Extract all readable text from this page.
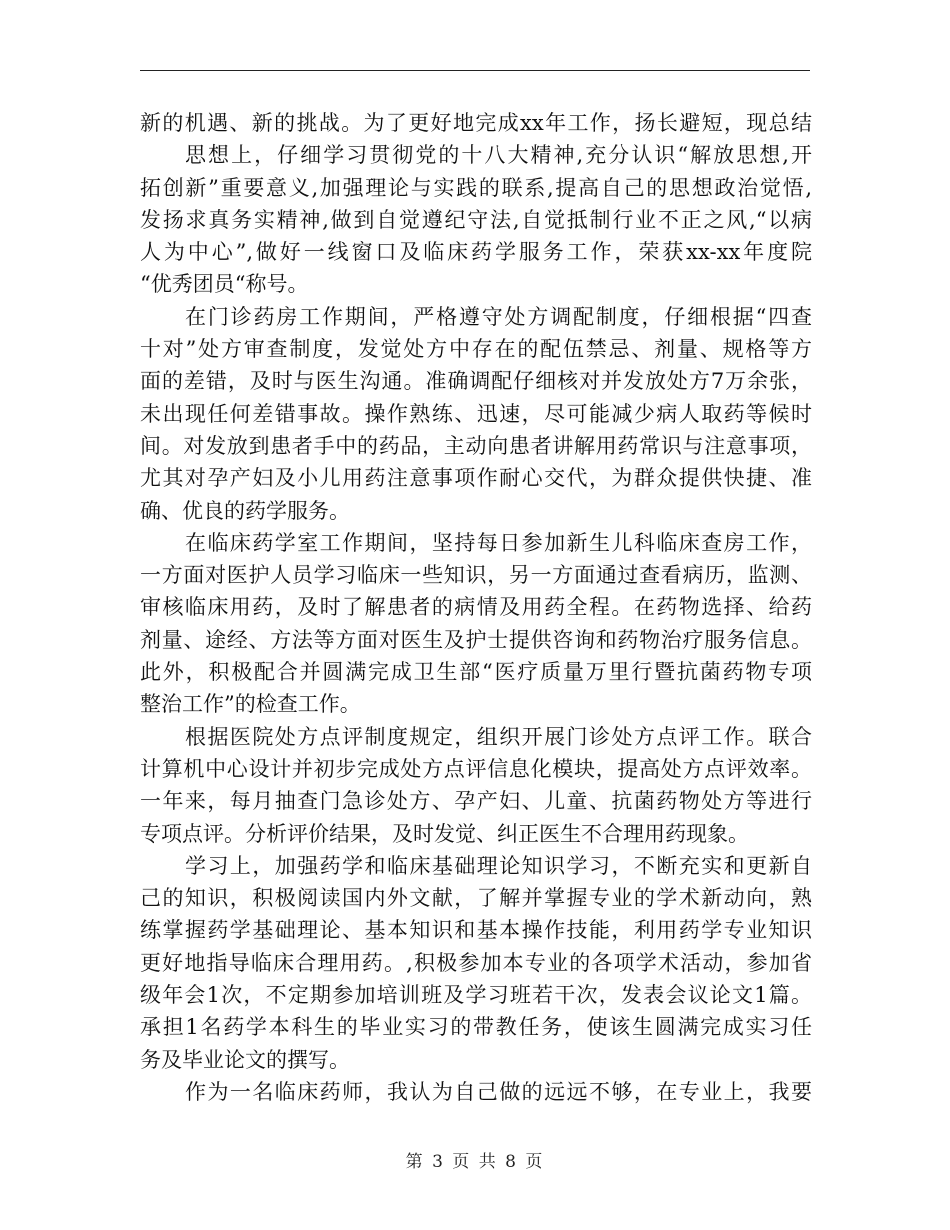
新的机遇、新的挑战。为了更好地完成xx年工作，扬长避短，现总结
思想上，仔细学习贯彻党的十八大精神,充分认识“解放思想,开
拓创新”重要意义,加强理论与实践的联系,提高自己的思想政治觉悟,
发扬求真务实精神,做到自觉遵纪守法,自觉抵制行业不正之风,“以病
人为中心”,做好一线窗口及临床药学服务工作，荣获xx-xx年度院
“优秀团员“称号。
在门诊药房工作期间，严格遵守处方调配制度，仔细根据“四查
十对”处方审查制度，发觉处方中存在的配伍禁忌、剂量、规格等方
面的差错，及时与医生沟通。准确调配仔细核对并发放处方7万余张，
未出现任何差错事故。操作熟练、迅速，尽可能减少病人取药等候时
间。对发放到患者手中的药品，主动向患者讲解用药常识与注意事项，
尤其对孕产妇及小儿用药注意事项作耐心交代，为群众提供快捷、准
确、优良的药学服务。
在临床药学室工作期间，坚持每日参加新生儿科临床查房工作，
一方面对医护人员学习临床一些知识，另一方面通过查看病历，监测、
审核临床用药，及时了解患者的病情及用药全程。在药物选择、给药
剂量、途经、方法等方面对医生及护士提供咨询和药物治疗服务信息。
此外，积极配合并圆满完成卫生部“医疗质量万里行暨抗菌药物专项
整治工作”的检查工作。
根据医院处方点评制度规定，组织开展门诊处方点评工作。联合
计算机中心设计并初步完成处方点评信息化模块，提高处方点评效率。
一年来，每月抽查门急诊处方、孕产妇、儿童、抗菌药物处方等进行
专项点评。分析评价结果，及时发觉、纠正医生不合理用药现象。
学习上，加强药学和临床基础理论知识学习，不断充实和更新自
己的知识，积极阅读国内外文献，了解并掌握专业的学术新动向，熟
练掌握药学基础理论、基本知识和基本操作技能，利用药学专业知识
更好地指导临床合理用药。,积极参加本专业的各项学术活动，参加省
级年会1次，不定期参加培训班及学习班若干次，发表会议论文1篇。
承担1名药学本科生的毕业实习的带教任务，使该生圆满完成实习任
务及毕业论文的撰写。
作为一名临床药师，我认为自己做的远远不够，在专业上，我要
第 3 页 共 8 页
